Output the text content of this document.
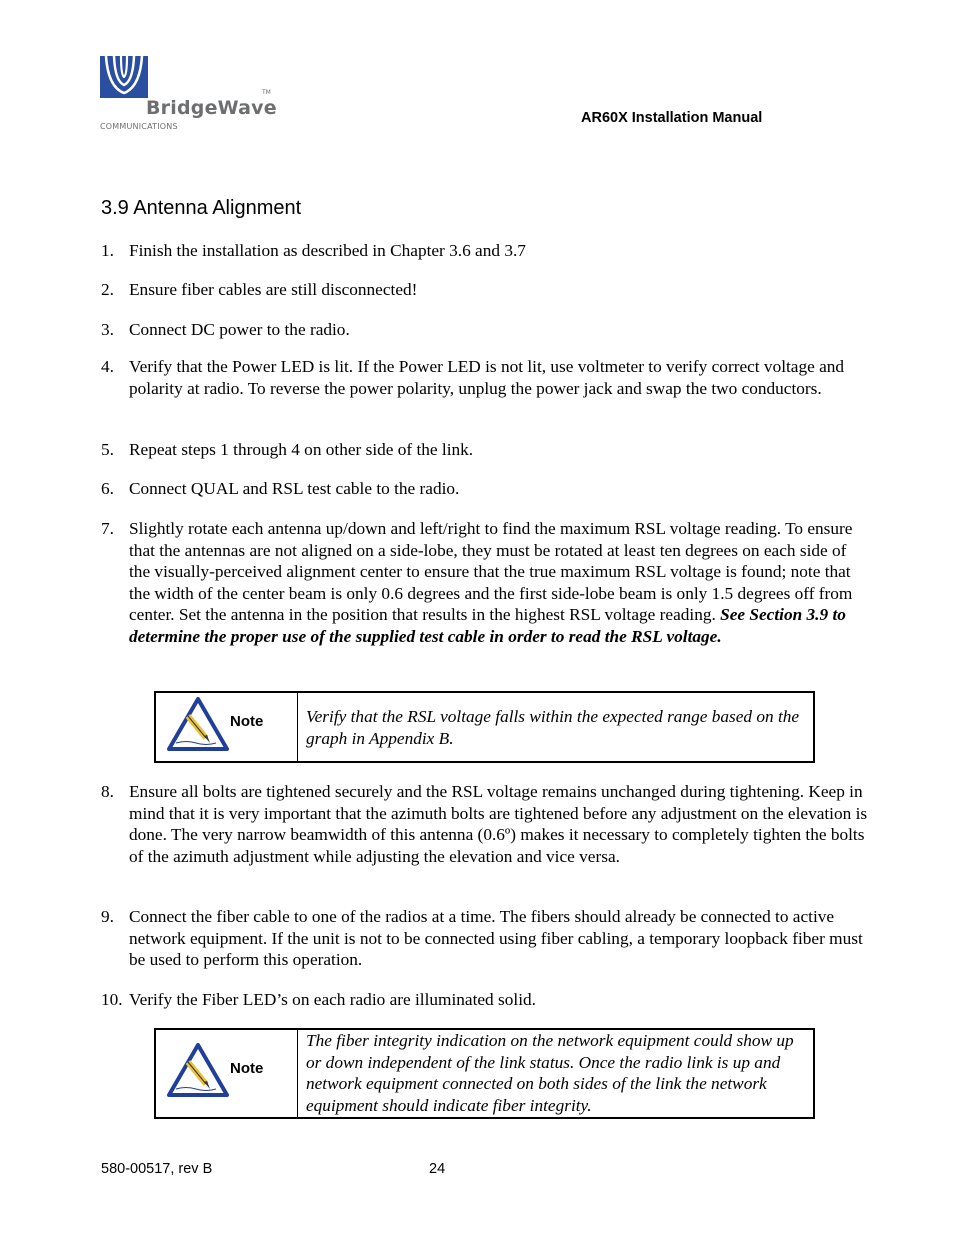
BridgeWave
TM
COMMUNICATIONS
AR60X Installation Manual
3.9 Antenna Alignment
1. Finish the installation as described in Chapter 3.6 and 3.7
2. Ensure fiber cables are still disconnected!
3. Connect DC power to the radio.
4. Verify that the Power LED is lit. If the Power LED is not lit, use voltmeter to verify correct voltage and polarity at radio. To reverse the power polarity, unplug the power jack and swap the two conductors.
5. Repeat steps 1 through 4 on other side of the link.
6. Connect QUAL and RSL test cable to the radio.
7. Slightly rotate each antenna up/down and left/right to find the maximum RSL voltage reading. To ensure that the antennas are not aligned on a side-lobe, they must be rotated at least ten degrees on each side of the visually-perceived alignment center to ensure that the true maximum RSL voltage is found; note that the width of the center beam is only 0.6 degrees and the first side-lobe beam is only 1.5 degrees off from center. Set the antenna in the position that results in the highest RSL voltage reading. See Section 3.9 to determine the proper use of the supplied test cable in order to read the RSL voltage.
Note	Verify that the RSL voltage falls within the expected range based on the graph in Appendix B.
8. Ensure all bolts are tightened securely and the RSL voltage remains unchanged during tightening. Keep in mind that it is very important that the azimuth bolts are tightened before any adjustment on the elevation is done. The very narrow beamwidth of this antenna (0.6º) makes it necessary to completely tighten the bolts of the azimuth adjustment while adjusting the elevation and vice versa.
9. Connect the fiber cable to one of the radios at a time. The fibers should already be connected to active network equipment. If the unit is not to be connected using fiber cabling, a temporary loopback fiber must be used to perform this operation.
10. Verify the Fiber LED’s on each radio are illuminated solid.
Note
The fiber integrity indication on the network equipment could show up or down independent of the link status. Once the radio link is up and network equipment connected on both sides of the link the network equipment should indicate fiber integrity.
580-00517, rev B	24
